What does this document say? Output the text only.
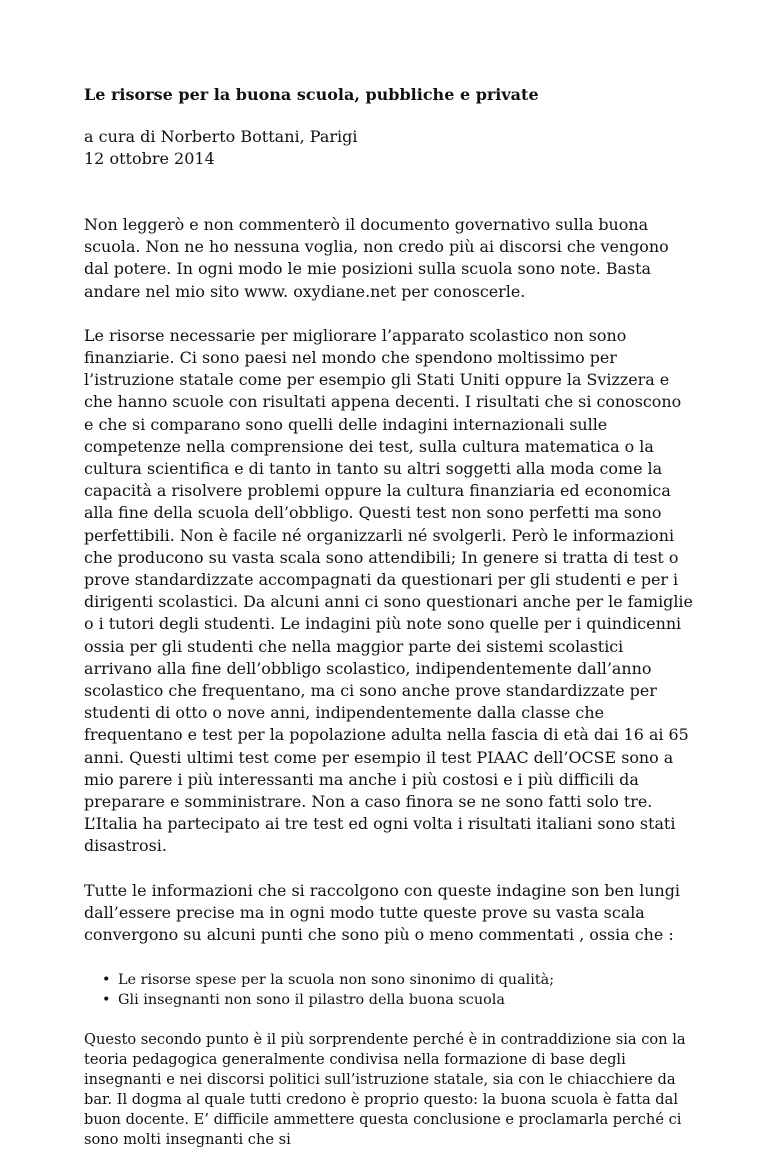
Le risorse per la buona scuola, pubbliche e private

a cura di Norberto Bottani, Parigi
12 ottobre 2014

Non leggerò e non commenterò il documento governativo sulla buona scuola. Non ne ho nessuna voglia, non credo più ai discorsi che vengono dal potere. In ogni modo le mie posizioni sulla scuola sono note. Basta andare nel mio sito www. oxydiane.net per conoscerle.

Le risorse necessarie per migliorare l’apparato scolastico non sono finanziarie. Ci sono paesi nel mondo che spendono moltissimo per l’istruzione statale come per esempio gli Stati Uniti oppure la Svizzera e che hanno scuole con risultati appena decenti. I risultati che si conoscono e che si comparano sono quelli delle indagini internazionali sulle competenze nella comprensione dei test, sulla cultura matematica o la cultura scientifica e di tanto in tanto su altri soggetti alla moda come la capacità a risolvere problemi oppure la cultura finanziaria ed economica alla fine della scuola dell’obbligo. Questi test non sono perfetti ma sono perfettibili. Non è facile né organizzarli né svolgerli. Però le informazioni che producono su vasta scala sono attendibili; In genere si tratta di test o prove standardizzate accompagnati da questionari per gli studenti e per i dirigenti scolastici. Da alcuni anni ci sono questionari anche per le famiglie o i tutori degli studenti. Le indagini più note sono quelle per i quindicenni ossia per gli studenti che nella maggior parte dei sistemi scolastici arrivano alla fine dell’obbligo scolastico, indipendentemente dall’anno scolastico che frequentano, ma ci sono anche prove standardizzate per studenti di otto o nove anni, indipendentemente dalla classe che frequentano e test per la popolazione adulta nella fascia di età dai 16 ai 65 anni. Questi ultimi test come per esempio il test PIAAC dell’OCSE sono a mio parere i più interessanti ma anche i più costosi e i più difficili da preparare e somministrare. Non a caso finora se ne sono fatti solo tre. L’Italia ha partecipato ai tre test ed ogni volta i risultati italiani sono stati disastrosi.

Tutte le informazioni che si raccolgono con queste indagine son ben lungi dall’essere precise ma in ogni modo tutte queste prove su vasta scala convergono su alcuni punti che sono più o meno commentati , ossia che :

• Le risorse spese per la scuola non sono sinonimo di qualità;
• Gli insegnanti non sono il pilastro della buona scuola

Questo secondo punto è il più sorprendente perché è in contraddizione sia con la teoria pedagogica generalmente condivisa nella formazione di base degli insegnanti e nei discorsi politici sull’istruzione statale, sia con le chiacchiere da bar. Il dogma al quale tutti credono è proprio questo: la buona scuola è fatta dal buon docente. E’ difficile ammettere questa conclusione e proclamarla perché ci sono molti insegnanti che si
